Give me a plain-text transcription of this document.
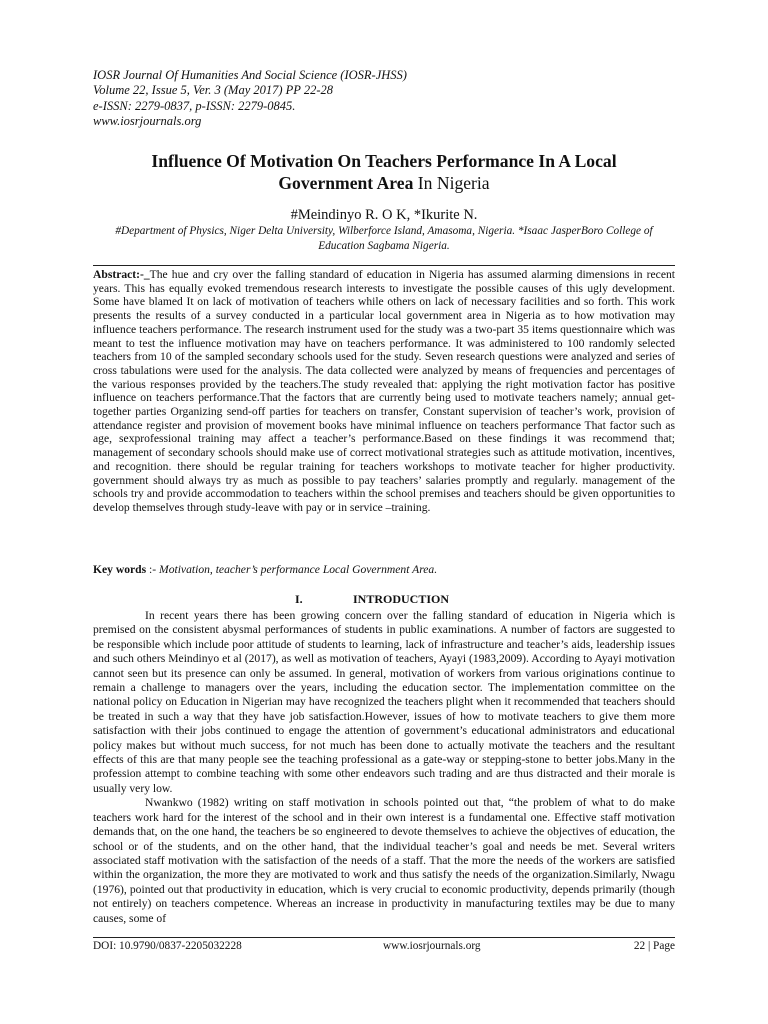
IOSR Journal Of Humanities And Social Science (IOSR-JHSS)
Volume 22, Issue 5, Ver. 3 (May 2017) PP 22-28
e-ISSN: 2279-0837, p-ISSN: 2279-0845.
www.iosrjournals.org
Influence Of Motivation On Teachers Performance In A Local
Government Area In Nigeria
#Meindinyo R. O K, *Ikurite N.
#Department of Physics, Niger Delta University, Wilberforce Island, Amasoma, Nigeria. *Isaac JasperBoro College of Education Sagbama Nigeria.
Abstract:-_The hue and cry over the falling standard of education in Nigeria has assumed alarming dimensions in recent years. This has equally evoked tremendous research interests to investigate the possible causes of this ugly development. Some have blamed It on lack of motivation of teachers while others on lack of necessary facilities and so forth. This work presents the results of a survey conducted in a particular local government area in Nigeria as to how motivation may influence teachers performance. The research instrument used for the study was a two-part 35 items questionnaire which was meant to test the influence motivation may have on teachers performance. It was administered to 100 randomly selected teachers from 10 of the sampled secondary schools used for the study. Seven research questions were analyzed and series of cross tabulations were used for the analysis. The data collected were analyzed by means of frequencies and percentages of the various responses provided by the teachers.The study revealed that: applying the right motivation factor has positive influence on teachers performance.That the factors that are currently being used to motivate teachers namely; annual get-together parties Organizing send-off parties for teachers on transfer, Constant supervision of teacher’s work, provision of attendance register and provision of movement books have minimal influence on teachers performance That factor such as age, sexprofessional training may affect a teacher’s performance.Based on these findings it was recommend that; management of secondary schools should make use of correct motivational strategies such as attitude motivation, incentives, and recognition. there should be regular training for teachers workshops to motivate teacher for higher productivity. government should always try as much as possible to pay teachers’ salaries promptly and regularly. management of the schools try and provide accommodation to teachers within the school premises and teachers should be given opportunities to develop themselves through study-leave with pay or in service –training.
Key words :- Motivation, teacher’s performance Local Government Area.
I.	INTRODUCTION

In recent years there has been growing concern over the falling standard of education in Nigeria which is premised on the consistent abysmal performances of students in public examinations. A number of factors are suggested to be responsible which include poor attitude of students to learning, lack of infrastructure and teacher’s aids, leadership issues and such others Meindinyo et al (2017), as well as motivation of teachers, Ayayi (1983,2009). According to Ayayi motivation cannot seen but its presence can only be assumed. In general, motivation of workers from various originations continue to remain a challenge to managers over the years, including the education sector. The implementation committee on the national policy on Education in Nigerian may have recognized the teachers plight when it recommended that teachers should be treated in such a way that they have job satisfaction.However, issues of how to motivate teachers to give them more satisfaction with their jobs continued to engage the attention of government’s educational administrators and educational policy makes but without much success, for not much has been done to actually motivate the teachers and the resultant effects of this are that many people see the teaching professional as a gate-way or stepping-stone to better jobs.Many in the profession attempt to combine teaching with some other endeavors such trading and are thus distracted and their morale is usually very low.

Nwankwo (1982) writing on staff motivation in schools pointed out that, “the problem of what to do make teachers work hard for the interest of the school and in their own interest is a fundamental one. Effective staff motivation demands that, on the one hand, the teachers be so engineered to devote themselves to achieve the objectives of education, the school or of the students, and on the other hand, that the individual teacher’s goal and needs be met. Several writers associated staff motivation with the satisfaction of the needs of a staff. That the more the needs of the workers are satisfied within the organization, the more they are motivated to work and thus satisfy the needs of the organization.Similarly, Nwagu (1976), pointed out that productivity in education, which is very crucial to economic productivity, depends primarily (though not entirely) on teachers competence. Whereas an increase in productivity in manufacturing textiles may be due to many causes, some of

DOI: 10.9790/0837-2205032228	www.iosrjournals.org	22 | Page
